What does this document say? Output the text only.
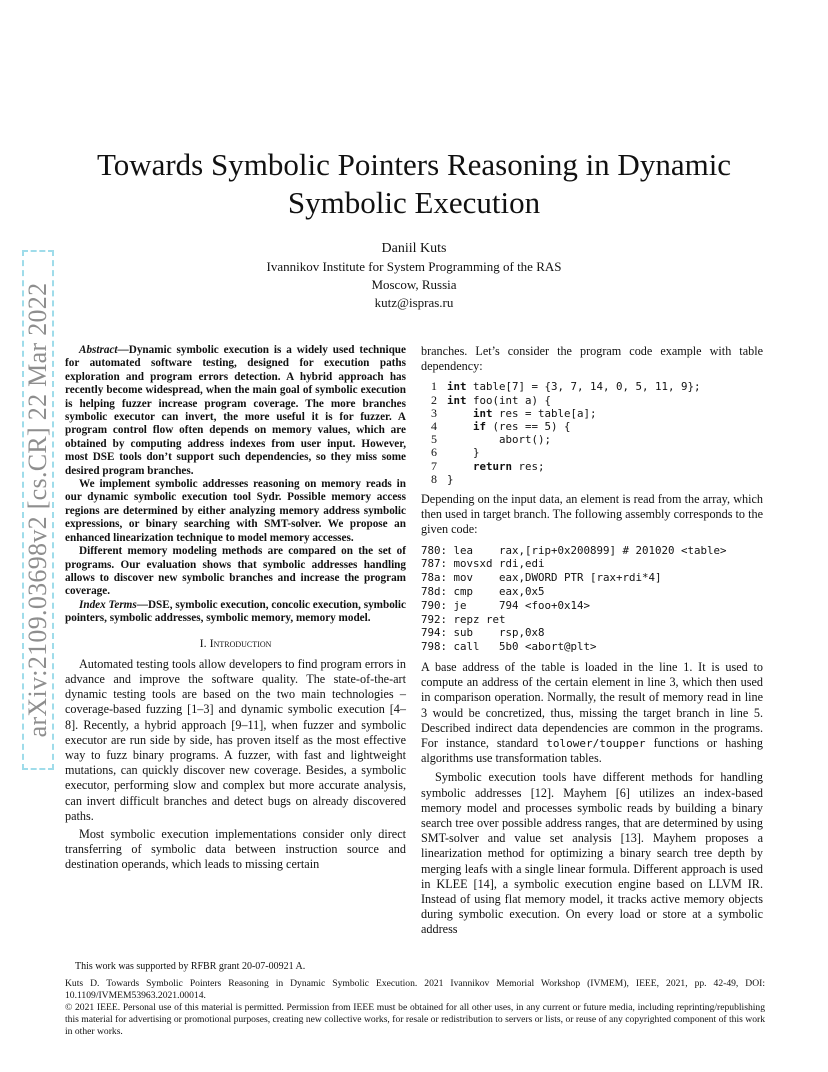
arXiv:2109.03698v2 [cs.CR] 22 Mar 2022
Towards Symbolic Pointers Reasoning in Dynamic Symbolic Execution
Daniil Kuts
Ivannikov Institute for System Programming of the RAS
Moscow, Russia
kutz@ispras.ru

Abstract—Dynamic symbolic execution is a widely used technique for automated software testing, designed for execution paths exploration and program errors detection. A hybrid approach has recently become widespread, when the main goal of symbolic execution is helping fuzzer increase program coverage. The more branches symbolic executor can invert, the more useful it is for fuzzer. A program control flow often depends on memory values, which are obtained by computing address indexes from user input. However, most DSE tools don’t support such dependencies, so they miss some desired program branches.

We implement symbolic addresses reasoning on memory reads in our dynamic symbolic execution tool Sydr. Possible memory access regions are determined by either analyzing memory address symbolic expressions, or binary searching with SMT-solver. We propose an enhanced linearization technique to model memory accesses.

Different memory modeling methods are compared on the set of programs. Our evaluation shows that symbolic addresses handling allows to discover new symbolic branches and increase the program coverage.

Index Terms—DSE, symbolic execution, concolic execution, symbolic pointers, symbolic addresses, symbolic memory, memory model.

I. Introduction

Automated testing tools allow developers to find program errors in advance and improve the software quality. The state-of-the-art dynamic testing tools are based on the two main technologies – coverage-based fuzzing [1–3] and dynamic symbolic execution [4–8]. Recently, a hybrid approach [9–11], when fuzzer and symbolic executor are run side by side, has proven itself as the most effective way to fuzz binary programs. A fuzzer, with fast and lightweight mutations, can quickly discover new coverage. Besides, a symbolic executor, performing slow and complex but more accurate analysis, can invert difficult branches and detect bugs on already discovered paths.

Most symbolic execution implementations consider only direct transferring of symbolic data between instruction source and destination operands, which leads to missing certain

branches. Let’s consider the program code example with table dependency:

1 int table[7] = {3, 7, 14, 0, 5, 11, 9};
2 int foo(int a) {
3	int res = table[a];
4	if (res == 5) {
5	abort();
6	}
7	return res;
8 }

Depending on the input data, an element is read from the array, which then used in target branch. The following assembly corresponds to the given code:

780: lea    rax,[rip+0x200899] # 201020 <table>
787: movsxd rdi,edi
78a: mov    eax,DWORD PTR [rax+rdi*4]
78d: cmp    eax,0x5
790: je     794 <foo+0x14>
792: repz ret
794: sub    rsp,0x8
798: call   5b0 <abort@plt>

A base address of the table is loaded in the line 1. It is used to compute an address of the certain element in line 3, which then used in comparison operation. Normally, the result of memory read in line 3 would be concretized, thus, missing the target branch in line 5. Described indirect data dependencies are common in the programs. For instance, standard tolower/toupper functions or hashing algorithms use transformation tables.

Symbolic execution tools have different methods for handling symbolic addresses [12]. Mayhem [6] utilizes an index-based memory model and processes symbolic reads by building a binary search tree over possible address ranges, that are determined by using SMT-solver and value set analysis [13]. Mayhem proposes a linearization method for optimizing a binary search tree depth by merging leafs with a single linear formula. Different approach is used in KLEE [14], a symbolic execution engine based on LLVM IR. Instead of using flat memory model, it tracks active memory objects during symbolic execution. On every load or store at a symbolic address

This work was supported by RFBR grant 20-07-00921 A.

Kuts D. Towards Symbolic Pointers Reasoning in Dynamic Symbolic Execution. 2021 Ivannikov Memorial Workshop (IVMEM), IEEE, 2021, pp. 42-49, DOI: 10.1109/IVMEM53963.2021.00014.

© 2021 IEEE. Personal use of this material is permitted. Permission from IEEE must be obtained for all other uses, in any current or future media, including reprinting/republishing this material for advertising or promotional purposes, creating new collective works, for resale or redistribution to servers or lists, or reuse of any copyrighted component of this work in other works.
